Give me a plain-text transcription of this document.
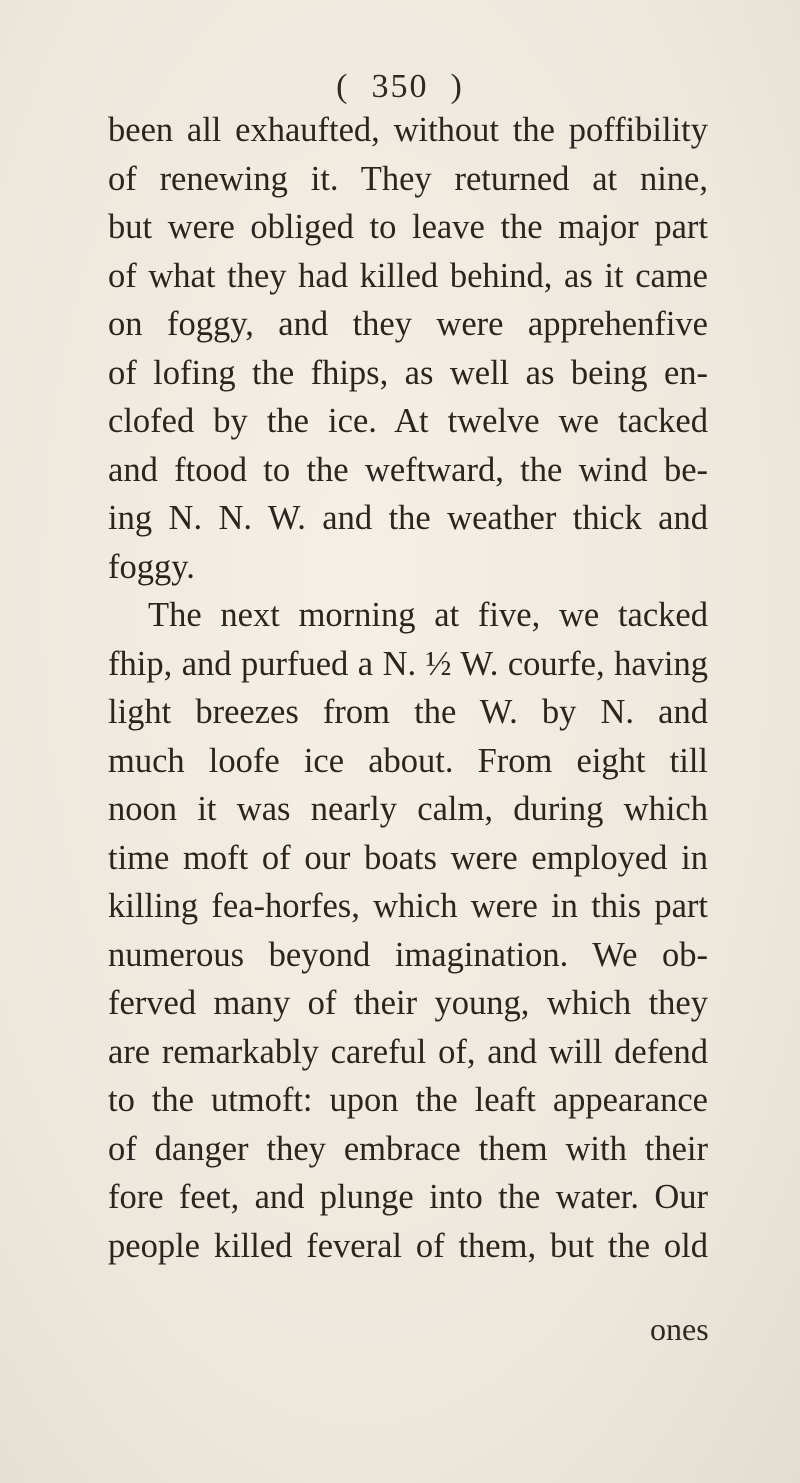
( 350 )
been all exhaufted, without the poffibility
of renewing it. They returned at nine,
but were obliged to leave the major part
of what they had killed behind, as it came
on foggy, and they were apprehenfive
of lofing the fhips, as well as being en-
clofed by the ice. At twelve we tacked
and ftood to the weftward, the wind be-
ing N. N. W. and the weather thick and
foggy.
The next morning at five, we tacked
fhip, and purfued a N. ½ W. courfe, having
light breezes from the W. by N. and
much loofe ice about. From eight till
noon it was nearly calm, during which
time moft of our boats were employed in
killing fea-horfes, which were in this part
numerous beyond imagination. We ob-
ferved many of their young, which they
are remarkably careful of, and will defend
to the utmoft: upon the leaft appearance
of danger they embrace them with their
fore feet, and plunge into the water. Our
people killed feveral of them, but the old
ones
